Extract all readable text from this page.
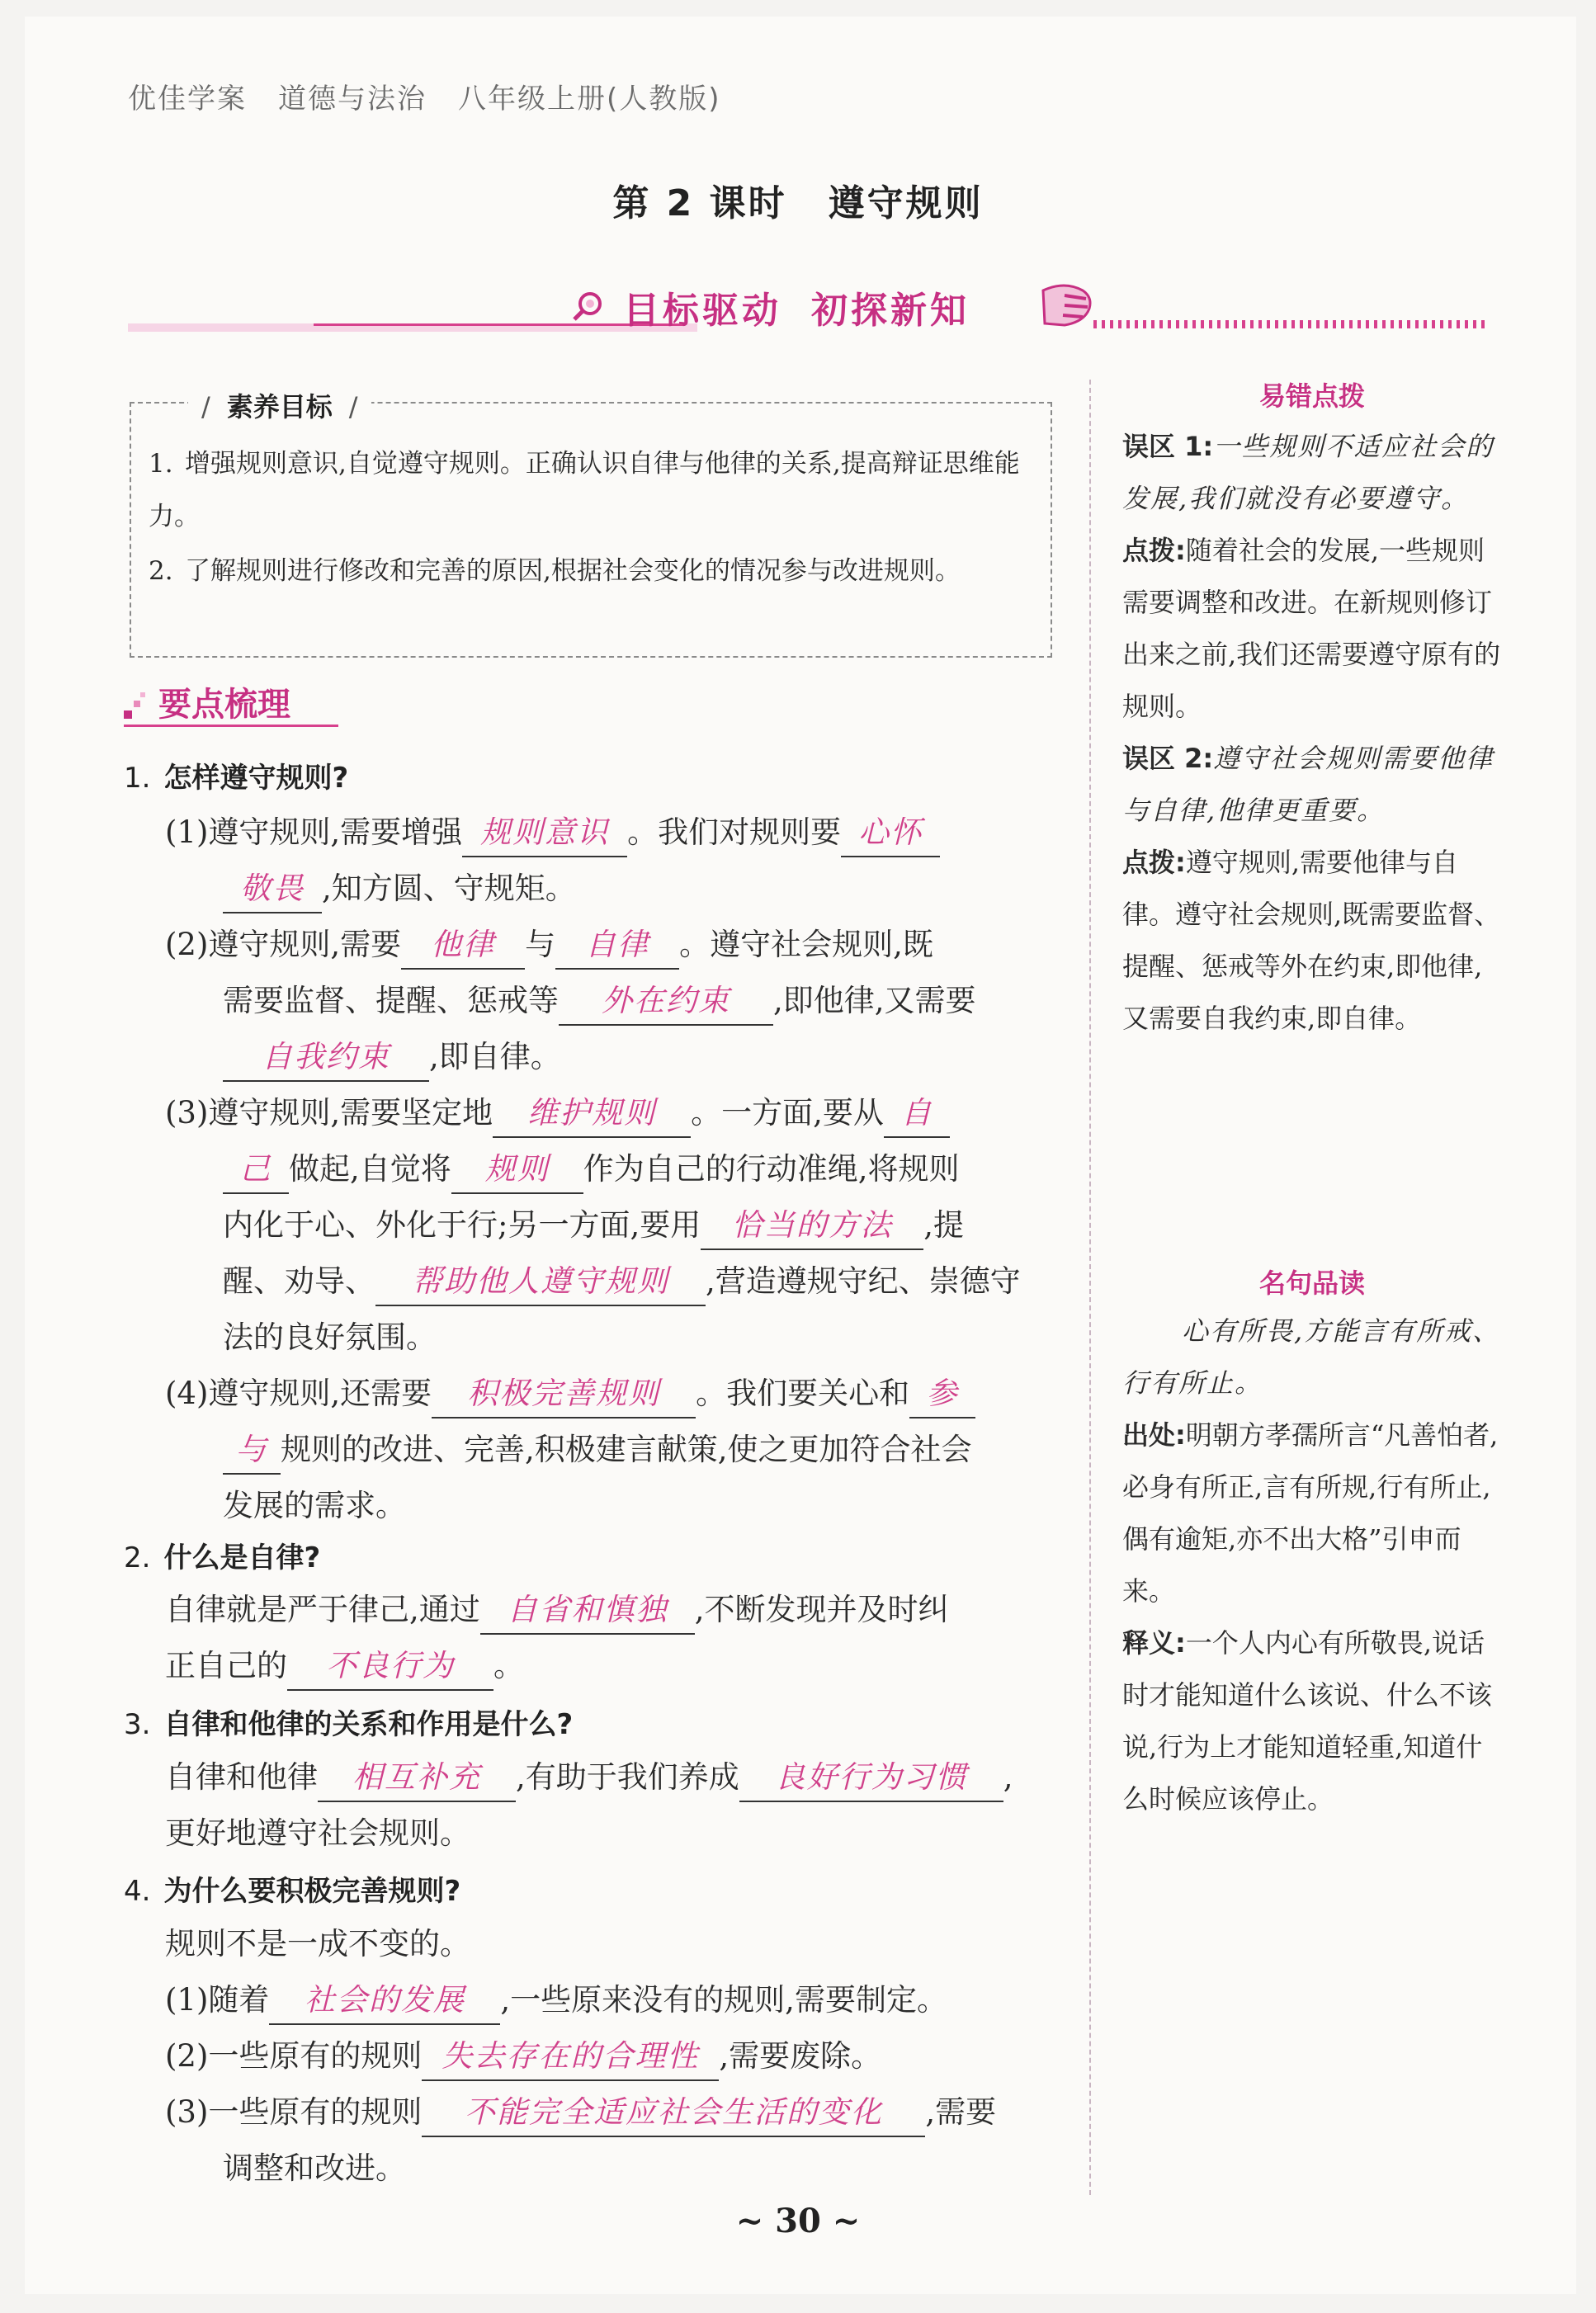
优佳学案 道德与法治 八年级上册(人教版)
第 2 课时 遵守规则
目标驱动 初探新知
/ 素养目标 /
1. 增强规则意识,自觉遵守规则。正确认识自律与他律的关系,提高辩证思维能力。
2. 了解规则进行修改和完善的原因,根据社会变化的情况参与改进规则。
要点梳理
1. 怎样遵守规则?
(1)遵守规则,需要增强 规则意识 。我们对规则要 心怀
敬畏 ,知方圆、守规矩。
(2)遵守规则,需要 他律 与 自律 。遵守社会规则,既
需要监督、提醒、惩戒等 外在约束 ,即他律,又需要
自我约束 ,即自律。
(3)遵守规则,需要坚定地 维护规则 。一方面,要从 自
己 做起,自觉将 规则 作为自己的行动准绳,将规则
内化于心、外化于行;另一方面,要用 恰当的方法 ,提
醒、劝导、 帮助他人遵守规则 ,营造遵规守纪、崇德守
法的良好氛围。
(4)遵守规则,还需要 积极完善规则 。我们要关心和 参
与 规则的改进、完善,积极建言献策,使之更加符合社会
发展的需求。
2. 什么是自律?
自律就是严于律己,通过 自省和慎独 ,不断发现并及时纠
正自己的 不良行为 。
3. 自律和他律的关系和作用是什么?
自律和他律 相互补充 ,有助于我们养成 良好行为习惯 ,
更好地遵守社会规则。
4. 为什么要积极完善规则?
规则不是一成不变的。
(1)随着 社会的发展 ,一些原来没有的规则,需要制定。
(2)一些原有的规则 失去存在的合理性 ,需要废除。
(3)一些原有的规则 不能完全适应社会生活的变化 ,需要
调整和改进。
易错点拨
误区 1:一些规则不适应社会的发展,我们就没有必要遵守。
点拨:随着社会的发展,一些规则需要调整和改进。在新规则修订出来之前,我们还需要遵守原有的规则。
误区 2:遵守社会规则需要他律与自律,他律更重要。
点拨:遵守规则,需要他律与自律。遵守社会规则,既需要监督、提醒、惩戒等外在约束,即他律,又需要自我约束,即自律。
名句品读
心有所畏,方能言有所戒、行有所止。
出处:明朝方孝孺所言“凡善怕者,必身有所正,言有所规,行有所止,偶有逾矩,亦不出大格”引申而来。
释义:一个人内心有所敬畏,说话时才能知道什么该说、什么不该说,行为上才能知道轻重,知道什么时候应该停止。
~ 30 ~
